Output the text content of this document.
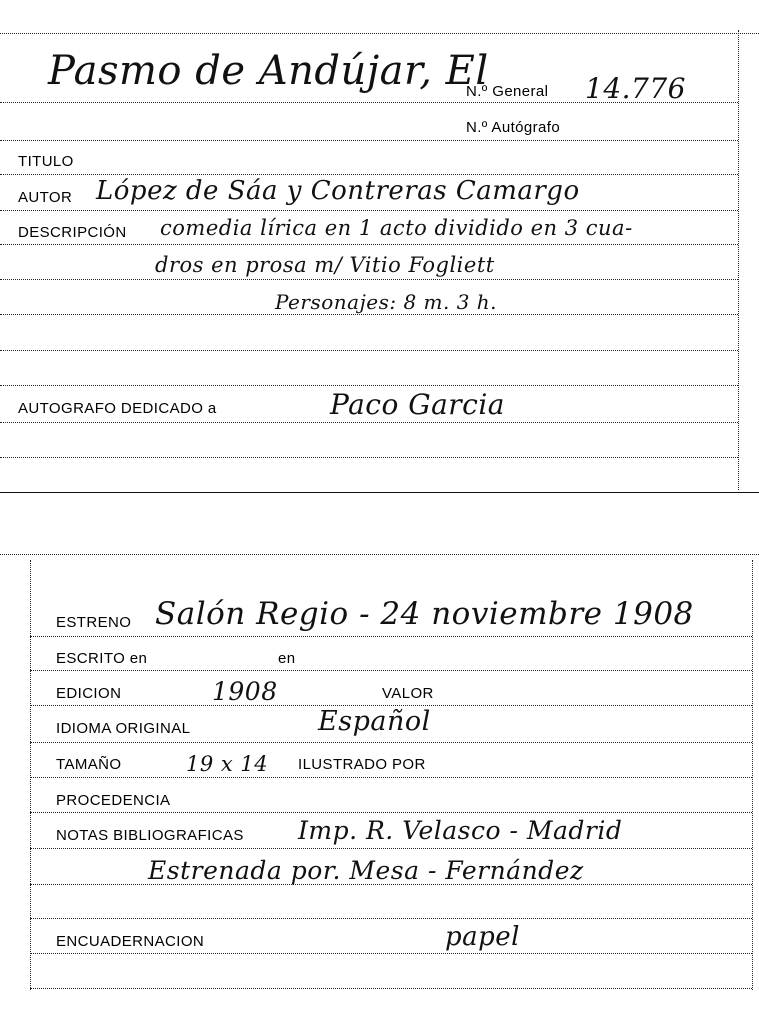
Pasmo de Andújar, El
N.º General 14.776
N.º Autógrafo
TITULO
AUTOR López de Sáa y Contreras Camargo
DESCRIPCIÓN comedia lírica en 1 acto dividido en 3 cua-
dros en prosa m/ Vitio Fogliett
Personajes: 8 m. 3 h.
AUTOGRAFO DEDICADO a	Paco Garcia
ESTRENO Salón Regio - 24 noviembre 1908
ESCRITO en	en
EDICION	1908	VALOR
IDIOMA ORIGINAL	Español
TAMAÑO	19 x 14 ILUSTRADO POR
PROCEDENCIA
NOTAS BIBLIOGRAFICAS Imp. R. Velasco - Madrid
Estrenada por. Mesa - Fernández
ENCUADERNACION	papel
